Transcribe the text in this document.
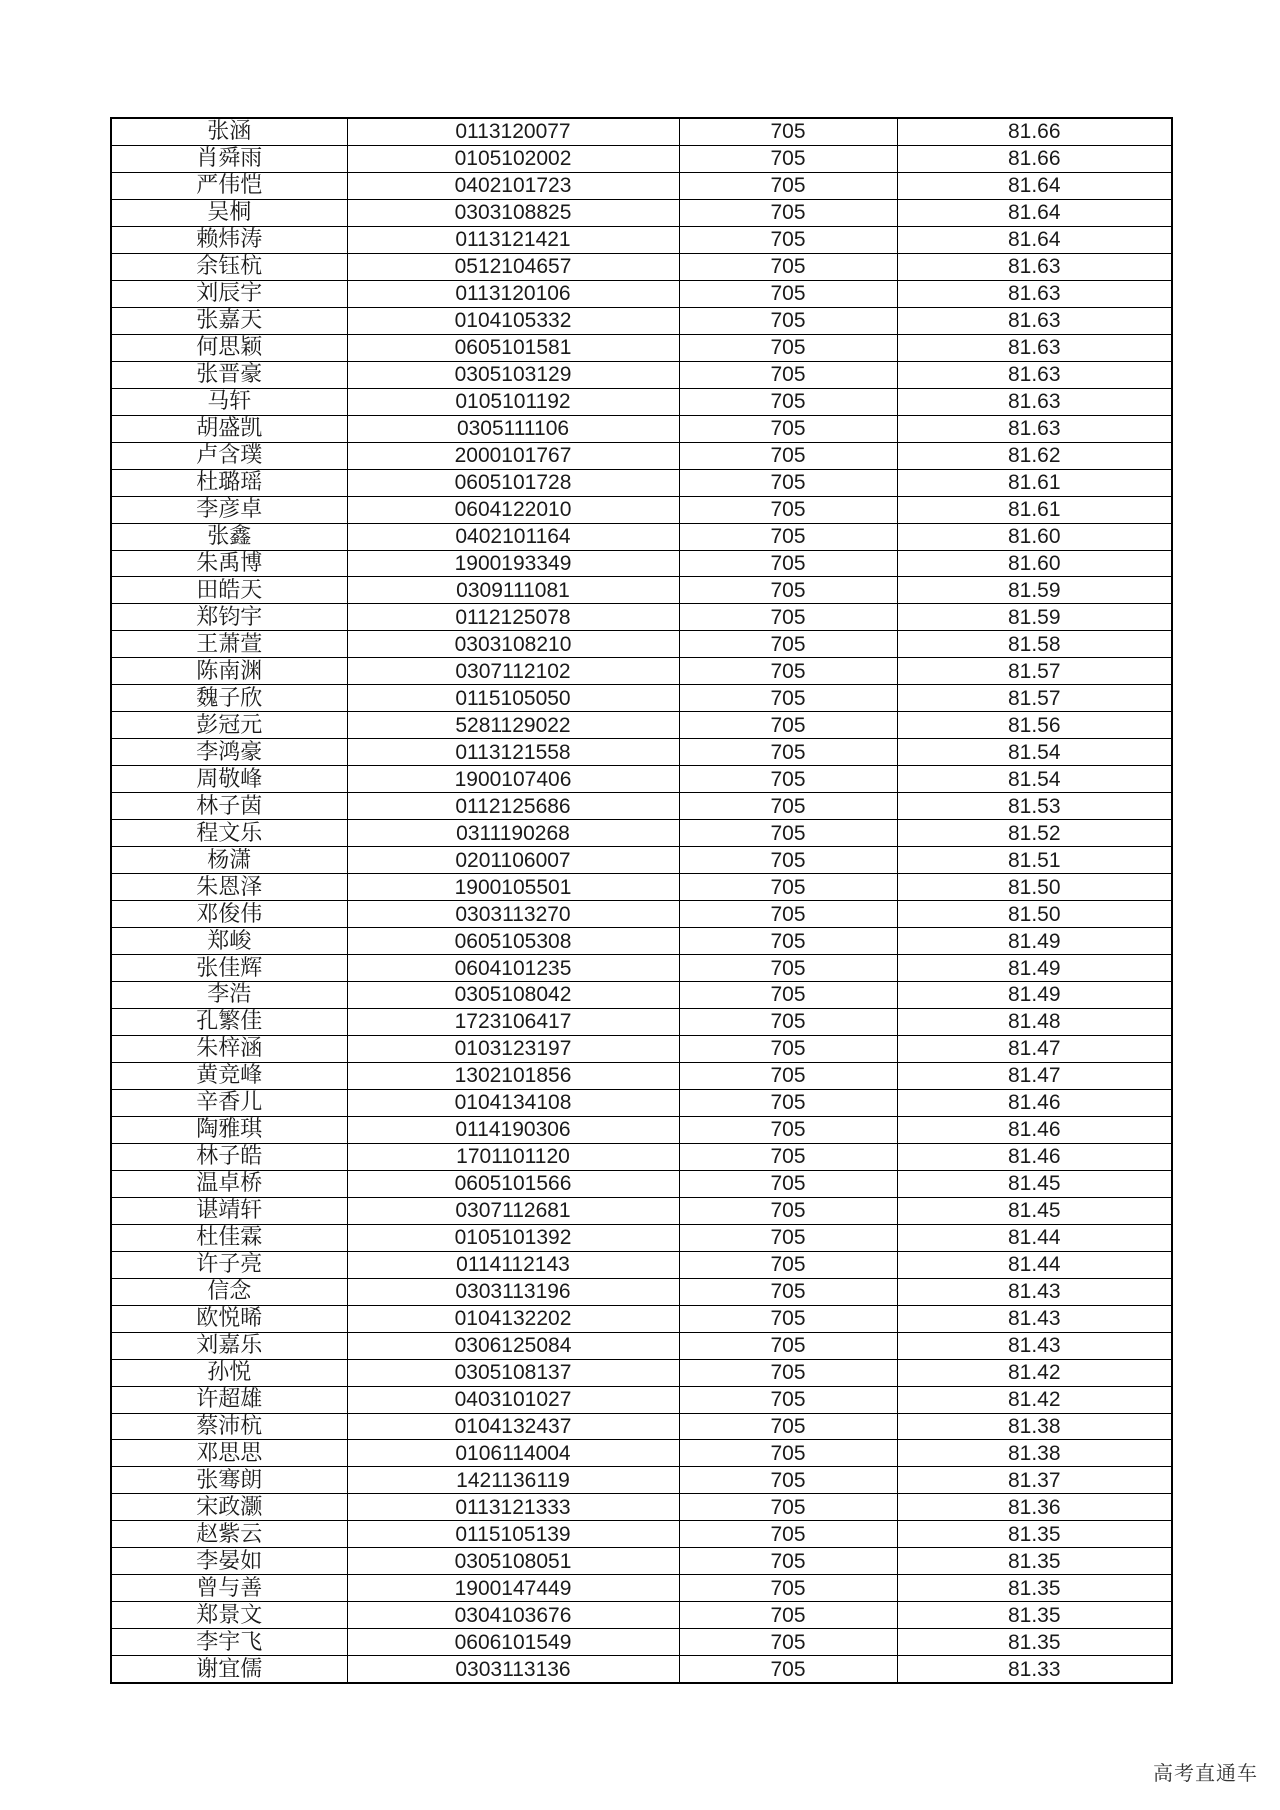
张涵	0113120077	705	81.66
肖舜雨	0105102002	705	81.66
严伟恺	0402101723	705	81.64
吴桐	0303108825	705	81.64
赖炜涛	0113121421	705	81.64
余钰杭	0512104657	705	81.63
刘辰宇	0113120106	705	81.63
张嘉天	0104105332	705	81.63
何思颖	0605101581	705	81.63
张晋豪	0305103129	705	81.63
马轩	0105101192	705	81.63
胡盛凯	0305111106	705	81.63
卢含璞	2000101767	705	81.62
杜璐瑶	0605101728	705	81.61
李彦卓	0604122010	705	81.61
张鑫	0402101164	705	81.60
朱禹博	1900193349	705	81.60
田皓天	0309111081	705	81.59
郑钧宇	0112125078	705	81.59
王萧萱	0303108210	705	81.58
陈南渊	0307112102	705	81.57
魏子欣	0115105050	705	81.57
彭冠元	5281129022	705	81.56
李鸿豪	0113121558	705	81.54
周敬峰	1900107406	705	81.54
林子茵	0112125686	705	81.53
程文乐	0311190268	705	81.52
杨潇	0201106007	705	81.51
朱恩泽	1900105501	705	81.50
邓俊伟	0303113270	705	81.50
郑峻	0605105308	705	81.49
张佳辉	0604101235	705	81.49
李浩	0305108042	705	81.49
孔繁佳	1723106417	705	81.48
朱梓涵	0103123197	705	81.47
黄竞峰	1302101856	705	81.47
辛香儿	0104134108	705	81.46
陶雅琪	0114190306	705	81.46
林子皓	1701101120	705	81.46
温卓桥	0605101566	705	81.45
谌靖轩	0307112681	705	81.45
杜佳霖	0105101392	705	81.44
许子亮	0114112143	705	81.44
信念	0303113196	705	81.43
欧悦晞	0104132202	705	81.43
刘嘉乐	0306125084	705	81.43
孙悦	0305108137	705	81.42
许超雄	0403101027	705	81.42
蔡沛杭	0104132437	705	81.38
邓思思	0106114004	705	81.38
张骞朗	1421136119	705	81.37
宋政灏	0113121333	705	81.36
赵紫云	0115105139	705	81.35
李晏如	0305108051	705	81.35
曾与善	1900147449	705	81.35
郑景文	0304103676	705	81.35
李宇飞	0606101549	705	81.35
谢宜儒	0303113136	705	81.33
高考直通车
